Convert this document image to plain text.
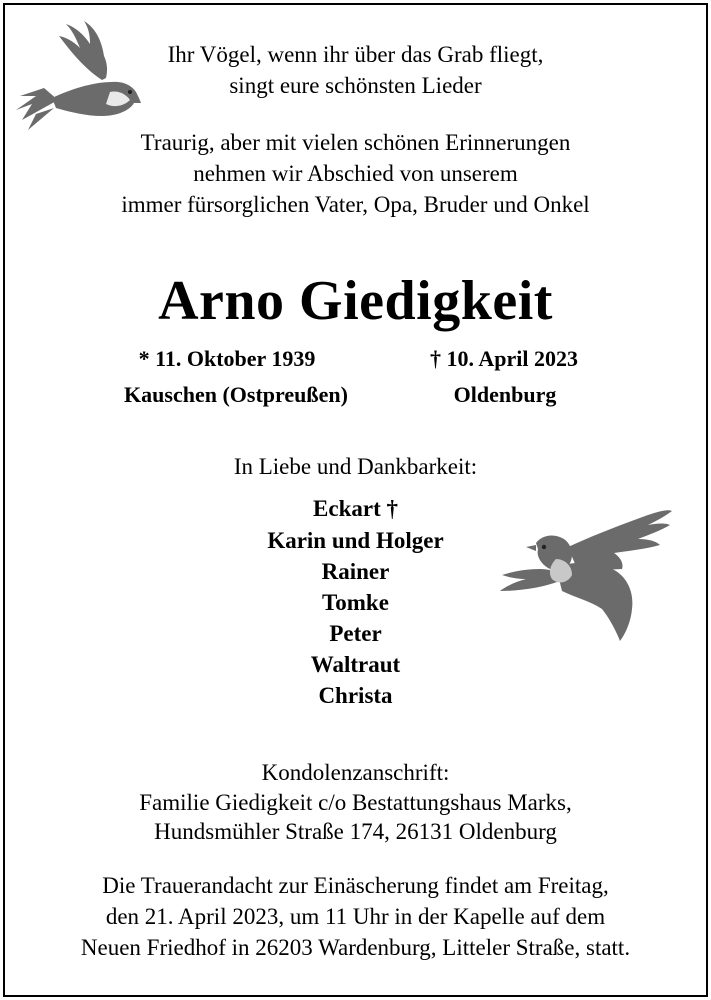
Ihr Vögel, wenn ihr über das Grab fliegt,
singt eure schönsten Lieder
Traurig, aber mit vielen schönen Erinnerungen
nehmen wir Abschied von unserem
immer fürsorglichen Vater, Opa, Bruder und Onkel
Arno Giedigkeit
* 11. Oktober 1939	† 10. April 2023
Kauschen (Ostpreußen)	Oldenburg
In Liebe und Dankbarkeit:
Eckart †
Karin und Holger
Rainer
Tomke
Peter
Waltraut
Christa
Kondolenzanschrift:
Familie Giedigkeit c/o Bestattungshaus Marks,
Hundsmühler Straße 174, 26131 Oldenburg
Die Trauerandacht zur Einäscherung findet am Freitag,
den 21. April 2023, um 11 Uhr in der Kapelle auf dem
Neuen Friedhof in 26203 Wardenburg, Litteler Straße, statt.
